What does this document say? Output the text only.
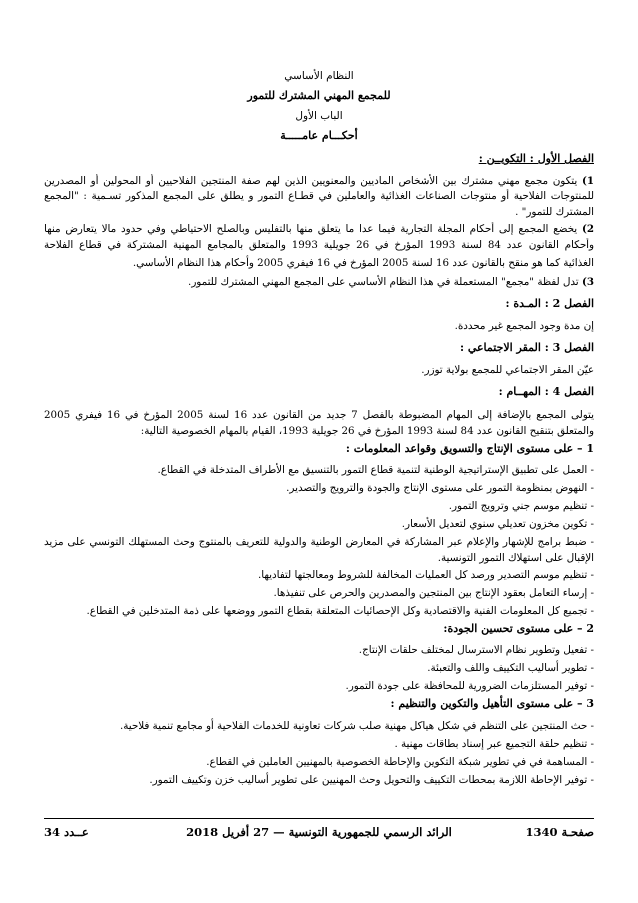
النظام الأساسي
للمجمع المهني المشترك للتمور
الباب الأول
أحكـــام عامـــــة
الفصل الأول : التكويــن :
1) يتكون مجمع مهني مشترك بين الأشخاص الماديين والمعنويين الذين لهم صفة المنتجين الفلاحيين أو المحولين أو المصدرين
للمنتوجات الفلاحية أو منتوجات الصناعات الغذائية والعاملين في قطـاع التمور و يطلق على المجمع المذكور تسـمية : "المجمع
المشترك للتمور" .
2) يخضع المجمع إلى أحكام المجلة التجارية فيما عدا ما يتعلق منها بالتفليس وبالصلح الاحتياطي وفي حدود مالا يتعارض منها
وأحكام القانون عدد 84 لسنة 1993 المؤرخ في 26 جويلية 1993 والمتعلق بالمجامع المهنية المشتركة في قطاع الفلاحة
الغذائية كما هو منقح بالقانون عدد 16 لسنة 2005 المؤرخ في 16 فيفري 2005 وأحكام هذا النظام الأساسي.
3) تدل لفظة "مجمع" المستعملة في هذا النظام الأساسي على المجمع المهني المشترك للتمور.
الفصل 2 : المـدة :
إن مدة وجود المجمع غير محددة.
الفصل 3 : المقر الاجتماعي :
عيّن المقر الاجتماعي للمجمع بولاية توزر.
الفصل 4 : المهــام :
يتولى المجمع بالإضافة إلى المهام المضبوطة بالفصل 7 جديد من القانون عدد 16 لسنة 2005 المؤرخ في 16 فيفري 2005
والمتعلق بتنقيح القانون عدد 84 لسنة 1993 المؤرخ في 26 جويلية 1993، القيام بالمهام الخصوصية التالية:
1 – على مستوى الإنتاج والتسويق وقواعد المعلومات :
- العمل على تطبيق الإستراتيجية الوطنية لتنمية قطاع التمور بالتنسيق مع الأطراف المتدخلة في القطاع.
- النهوض بمنظومة التمور على مستوى الإنتاج والجودة والترويج والتصدير.
- تنظيم موسم جني وترويج التمور.
- تكوين مخزون تعديلي سنوي لتعديل الأسعار.
- ضبط برامج للإشهار والإعلام عبر المشاركة في المعارض الوطنية والدولية للتعريف بالمنتوج وحث المستهلك التونسي على مزيد
الإقبال على استهلاك التمور التونسية.
- تنظيم موسم التصدير ورصد كل العمليات المخالفة للشروط ومعالجتها لتفاديها.
- إرساء التعامل بعقود الإنتاج بين المنتجين والمصدرين والحرص على تنفيذها.
- تجميع كل المعلومات الفنية والاقتصادية وكل الإحصائيات المتعلقة بقطاع التمور ووضعها على ذمة المتدخلين في القطاع.
2 – على مستوى تحسين الجودة:
- تفعيل وتطوير نظام الاسترسال لمختلف حلقات الإنتاج.
- تطوير أساليب التكييف واللف والتعبئة.
- توفير المستلزمات الضرورية للمحافظة على جودة التمور.
3 – على مستوى التأهيل والتكوين والتنظيم :
- حث المنتجين على التنظم في شكل هياكل مهنية صلب شركات تعاونية للخدمات الفلاحية أو مجامع تنمية فلاحية.
- تنظيم حلقة التجميع عبر إسناد بطاقات مهنية .
- المساهمة في في تطوير شبكة التكوين والإحاطة الخصوصية بالمهنيين العاملين في القطاع.
- توفير الإحاطة اللازمة بمحطات التكييف والتحويل وحث المهنيين على تطوير أساليب خزن وتكييف التمور.
صفحـة 1340
الرائد الرسمي للجمهورية التونسية — 27 أفريل 2018
عــدد 34
